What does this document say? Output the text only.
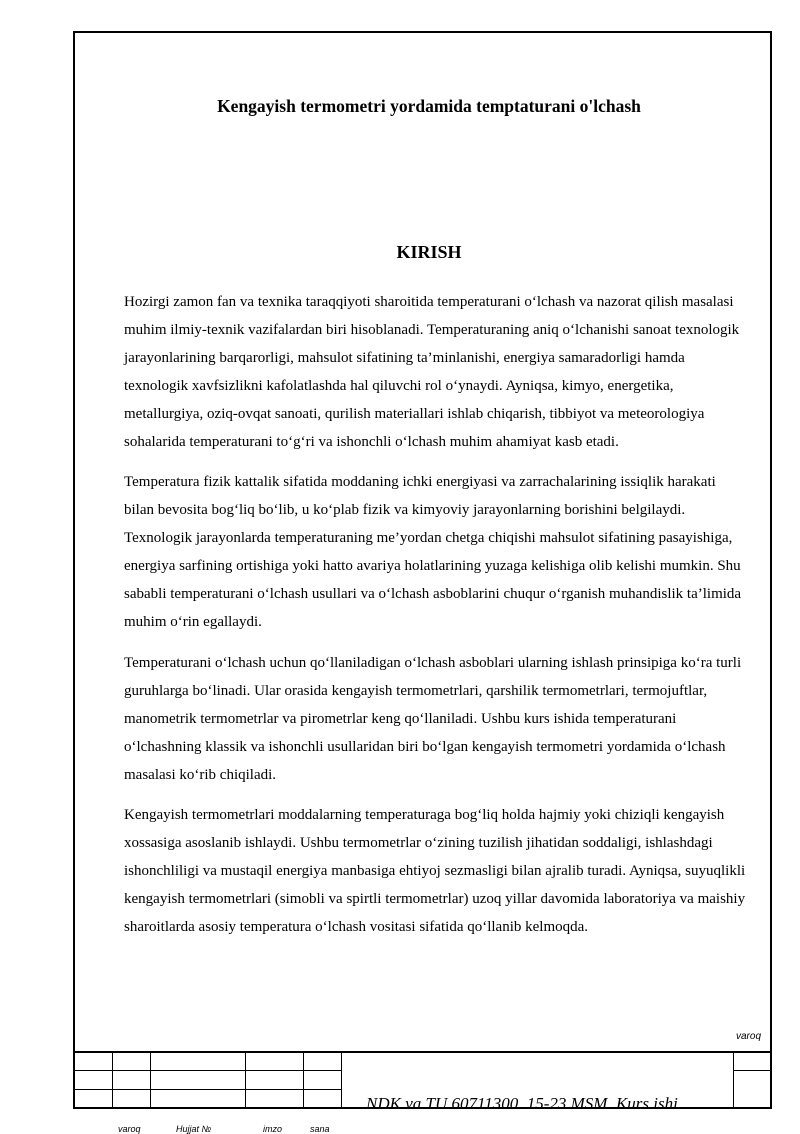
Kengayish termometri yordamida temptaturani o'lchash
KIRISH

Hozirgi zamon fan va texnika taraqqiyoti sharoitida temperaturani o‘lchash va nazorat qilish masalasi muhim ilmiy-texnik vazifalardan biri hisoblanadi. Temperaturaning aniq o‘lchanishi sanoat texnologik jarayonlarining barqarorligi, mahsulot sifatining ta’minlanishi, energiya samaradorligi hamda texnologik xavfsizlikni kafolatlashda hal qiluvchi rol o‘ynaydi. Ayniqsa, kimyo, energetika, metallurgiya, oziq-ovqat sanoati, qurilish materiallari ishlab chiqarish, tibbiyot va meteorologiya sohalarida temperaturani to‘g‘ri va ishonchli o‘lchash muhim ahamiyat kasb etadi.

Temperatura fizik kattalik sifatida moddaning ichki energiyasi va zarrachalarining issiqlik harakati bilan bevosita bog‘liq bo‘lib, u ko‘plab fizik va kimyoviy jarayonlarning borishini belgilaydi. Texnologik jarayonlarda temperaturaning me’yordan chetga chiqishi mahsulot sifatining pasayishiga, energiya sarfining ortishiga yoki hatto avariya holatlarining yuzaga kelishiga olib kelishi mumkin. Shu sababli temperaturani o‘lchash usullari va o‘lchash asboblarini chuqur o‘rganish muhandislik ta’limida muhim o‘rin egallaydi.

Temperaturani o‘lchash uchun qo‘llaniladigan o‘lchash asboblari ularning ishlash prinsipiga ko‘ra turli guruhlarga bo‘linadi. Ular orasida kengayish termometrlari, qarshilik termometrlari, termojuftlar, manometrik termometrlar va pirometrlar keng qo‘llaniladi. Ushbu kurs ishida temperaturani o‘lchashning klassik va ishonchli usullaridan biri bo‘lgan kengayish termometri yordamida o‘lchash masalasi ko‘rib chiqiladi.

Kengayish termometrlari moddalarning temperaturaga bog‘liq holda hajmiy yoki chiziqli kengayish xossasiga asoslanib ishlaydi. Ushbu termometrlar o‘zining tuzilish jihatidan soddaligi, ishlashdagi ishonchliligi va mustaqil energiya manbasiga ehtiyoj sezmasligi bilan ajralib turadi. Ayniqsa, suyuqlikli kengayish termometrlari (simobli va spirtli termometrlar) uzoq yillar davomida laboratoriya va maishiy sharoitlarda asosiy temperatura o‘lchash vositasi sifatida qo‘llanib kelmoqda.

varoq
NDK va TU 60711300. 15-23 MSM. Kurs ishi
varoq	Hujjat №	imzo	sana
